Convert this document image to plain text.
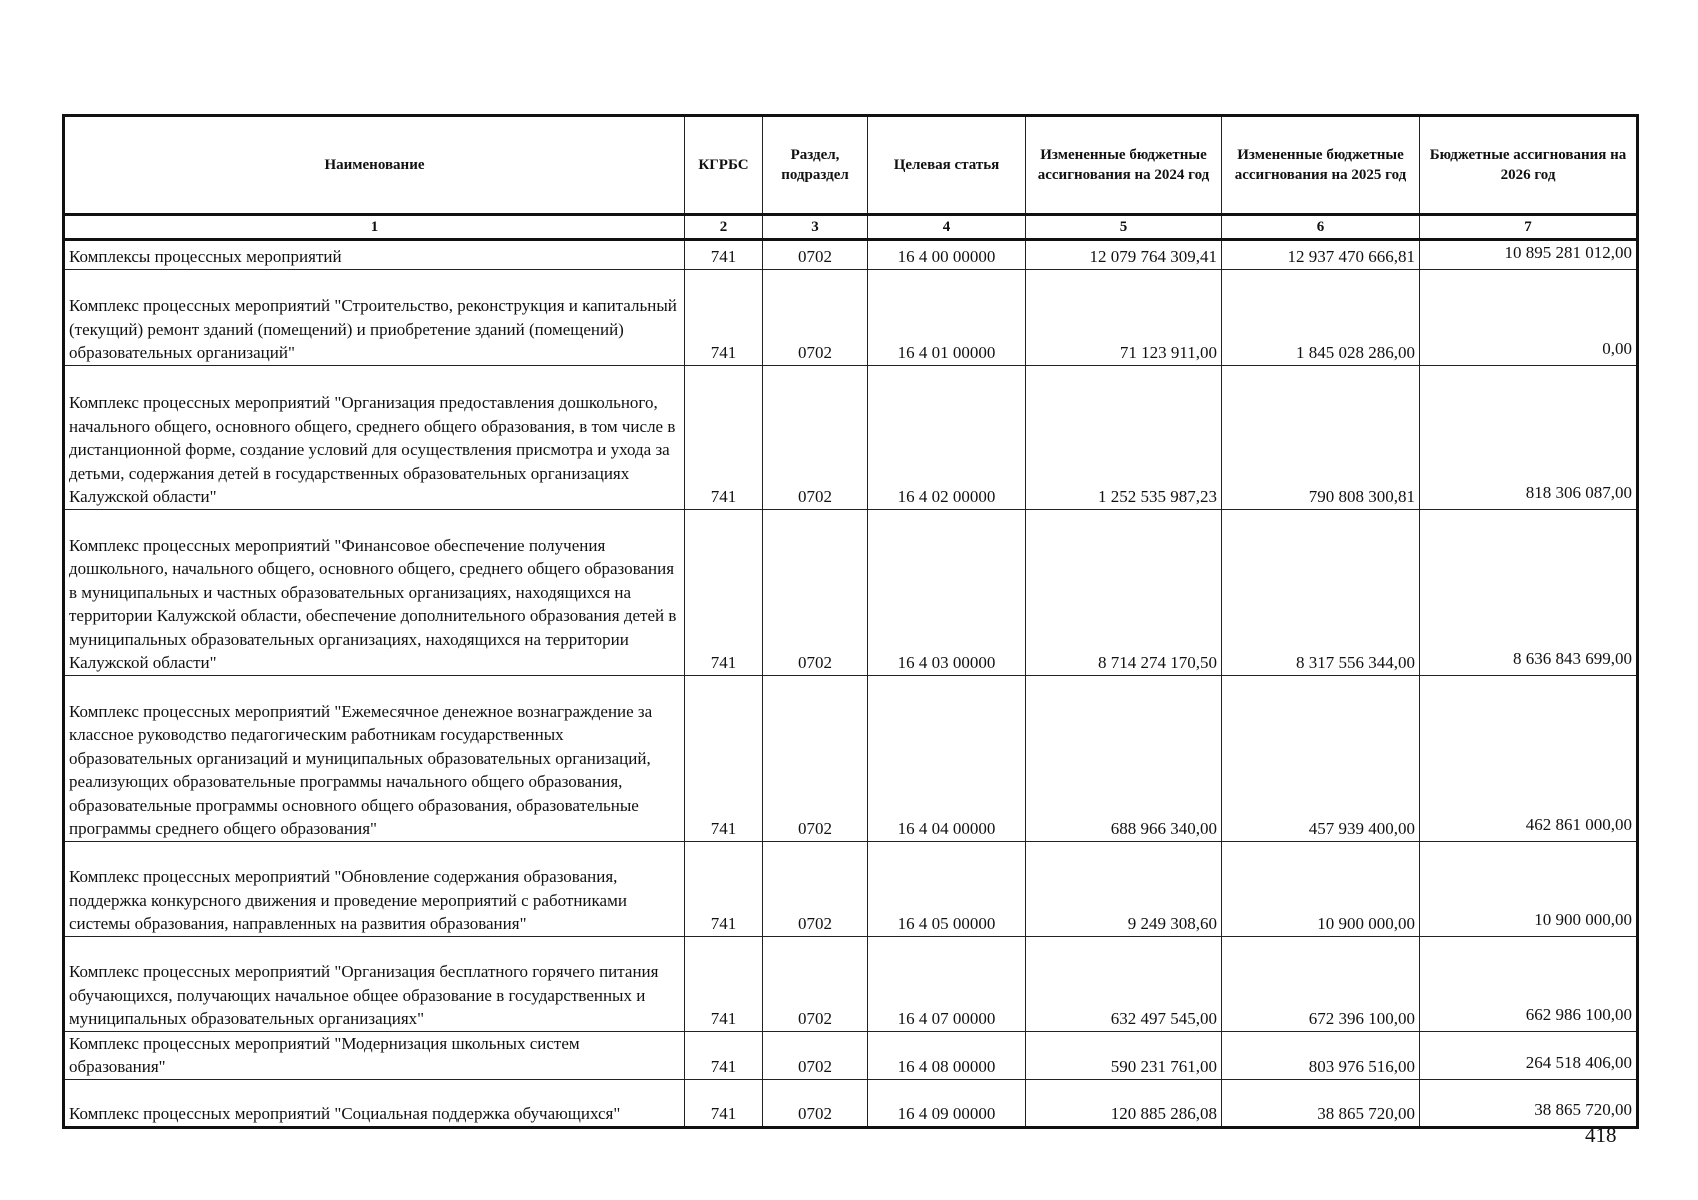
Наименование	КГРБС	Раздел, подраздел	Целевая статья	Измененные бюджетные ассигнования на 2024 год	Измененные бюджетные ассигнования на 2025 год	Бюджетные ассигнования на 2026 год
1	2	3	4	5	6	7
Комплексы процессных мероприятий	741	0702	16 4 00 00000	12 079 764 309,41	12 937 470 666,81	10 895 281 012,00
Комплекс процессных мероприятий "Строительство, реконструкция и капитальный (текущий) ремонт зданий (помещений) и приобретение зданий (помещений) образовательных организаций"	741	0702	16 4 01 00000	71 123 911,00	1 845 028 286,00	0,00
Комплекс процессных мероприятий "Организация предоставления дошкольного, начального общего, основного общего, среднего общего образования, в том числе в дистанционной форме, создание условий для осуществления присмотра и ухода за детьми, содержания детей в государственных образовательных организациях Калужской области"	741	0702	16 4 02 00000	1 252 535 987,23	790 808 300,81	818 306 087,00
Комплекс процессных мероприятий "Финансовое обеспечение получения дошкольного, начального общего, основного общего, среднего общего образования в муниципальных и частных образовательных организациях, находящихся на территории Калужской области, обеспечение дополнительного образования детей в муниципальных образовательных организациях, находящихся на территории Калужской области"	741	0702	16 4 03 00000	8 714 274 170,50	8 317 556 344,00	8 636 843 699,00
Комплекс процессных мероприятий "Ежемесячное денежное вознаграждение за классное руководство педагогическим работникам государственных образовательных организаций и муниципальных образовательных организаций, реализующих образовательные программы начального общего образования, образовательные программы основного общего образования, образовательные программы среднего общего образования"	741	0702	16 4 04 00000	688 966 340,00	457 939 400,00	462 861 000,00
Комплекс процессных мероприятий "Обновление содержания образования, поддержка конкурсного движения и проведение мероприятий с работниками системы образования, направленных на развития образования"	741	0702	16 4 05 00000	9 249 308,60	10 900 000,00	10 900 000,00
Комплекс процессных мероприятий "Организация бесплатного горячего питания обучающихся, получающих начальное общее образование в государственных и муниципальных образовательных организациях"	741	0702	16 4 07 00000	632 497 545,00	672 396 100,00	662 986 100,00
Комплекс процессных мероприятий "Модернизация школьных систем образования"	741	0702	16 4 08 00000	590 231 761,00	803 976 516,00	264 518 406,00
Комплекс процессных мероприятий "Социальная поддержка обучающихся"	741	0702	16 4 09 00000	120 885 286,08	38 865 720,00	38 865 720,00
418
